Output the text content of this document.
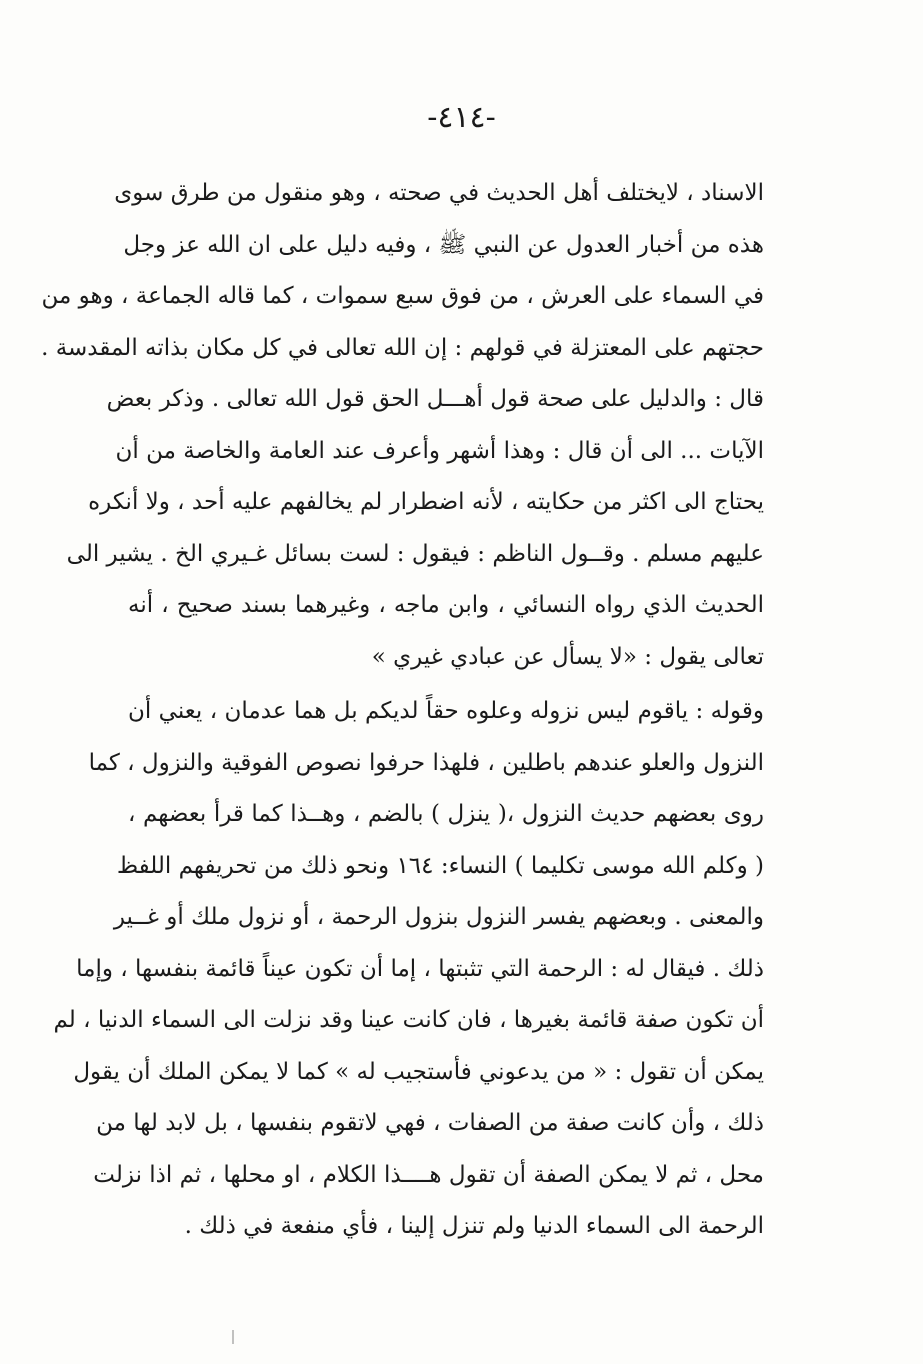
-٤١٤-
الاسناد ، لايختلف أهل الحديث في صحته ، وهو منقول من طرق سوى
هذه من أخبار العدول عن النبي ﷺ ، وفيه دليل على ان الله عز وجل
في السماء على العرش ، من فوق سبع سموات ، كما قاله الجماعة ، وهو من
حجتهم على المعتزلة في قولهم : إن الله تعالى في كل مكان بذاته المقدسة .
قال : والدليل على صحة قول أهـــل الحق قول الله تعالى . وذكر بعض
الآيات ... الى أن قال : وهذا أشهر وأعرف عند العامة والخاصة من أن
يحتاج الى اكثر من حكايته ، لأنه اضطرار لم يخالفهم عليه أحد ، ولا أنكره
عليهم مسلم . وقــول الناظم : فيقول : لست بسائل غـيري الخ . يشير الى
الحديث الذي رواه النسائي ، وابن ماجه ، وغيرهما بسند صحيح ، أنه
تعالى يقول : «لا يسأل عن عبادي غيري »
وقوله : ياقوم ليس نزوله وعلوه حقاً لديكم بل هما عدمان ، يعني أن
النزول والعلو عندهم باطلين ، فلهذا حرفوا نصوص الفوقية والنزول ، كما
روى بعضهم حديث النزول ،( ينزل ) بالضم ، وهــذا كما قرأ بعضهم ،
( وكلم الله موسى تكليما ) النساء: ١٦٤ ونحو ذلك من تحريفهم اللفظ
والمعنى . وبعضهم يفسر النزول بنزول الرحمة ، أو نزول ملك أو غــير
ذلك . فيقال له : الرحمة التي تثبتها ، إما أن تكون عيناً قائمة بنفسها ، وإما
أن تكون صفة قائمة بغيرها ، فان كانت عينا وقد نزلت الى السماء الدنيا ، لم
يمكن أن تقول : « من يدعوني فأستجيب له » كما لا يمكن الملك أن يقول
ذلك ، وأن كانت صفة من الصفات ، فهي لاتقوم بنفسها ، بل لابد لها من
محل ، ثم لا يمكن الصفة أن تقول هــــذا الكلام ، او محلها ، ثم اذا نزلت
الرحمة الى السماء الدنيا ولم تنزل إلينا ، فأي منفعة في ذلك .
